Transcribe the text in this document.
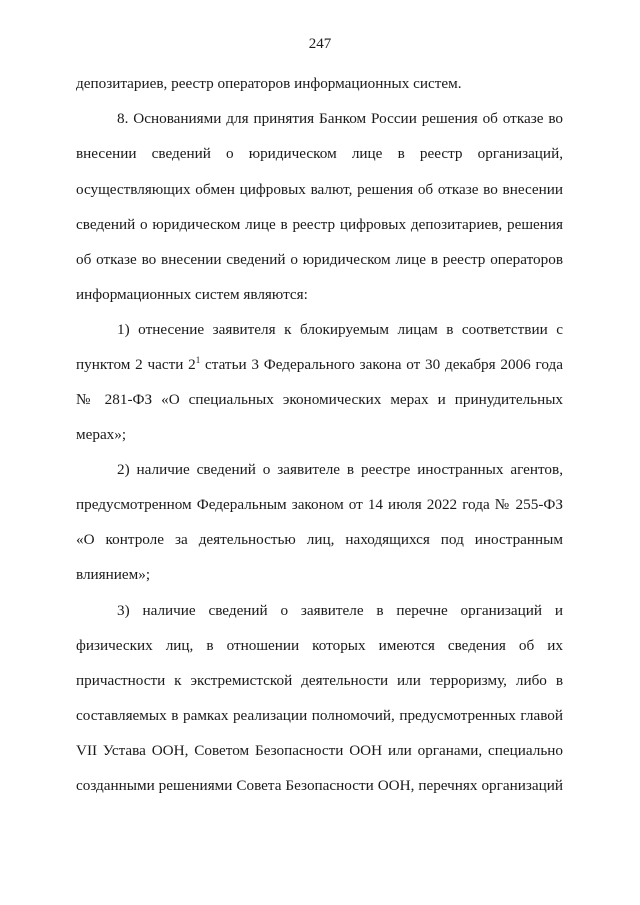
247
депозитариев, реестр операторов информационных систем.
8. Основаниями для принятия Банком России решения об отказе во
внесении сведений о юридическом лице в реестр организаций,
осуществляющих обмен цифровых валют, решения об отказе во внесении
сведений о юридическом лице в реестр цифровых депозитариев, решения
об отказе во внесении сведений о юридическом лице в реестр операторов
информационных систем являются:
1) отнесение заявителя к блокируемым лицам в соответствии с
пунктом 2 части $2^1$ статьи 3 Федерального закона от 30 декабря 2006 года
№ 281-ФЗ «О специальных экономических мерах и принудительных
мерах»;
2) наличие сведений о заявителе в реестре иностранных агентов,
предусмотренном Федеральным законом от 14 июля 2022 года № 255-ФЗ
«О контроле за деятельностью лиц, находящихся под иностранным
влиянием»;
3) наличие сведений о заявителе в перечне организаций и
физических лиц, в отношении которых имеются сведения об их
причастности к экстремистской деятельности или терроризму, либо в
составляемых в рамках реализации полномочий, предусмотренных главой
VII Устава ООН, Советом Безопасности ООН или органами, специально
созданными решениями Совета Безопасности ООН, перечнях организаций
